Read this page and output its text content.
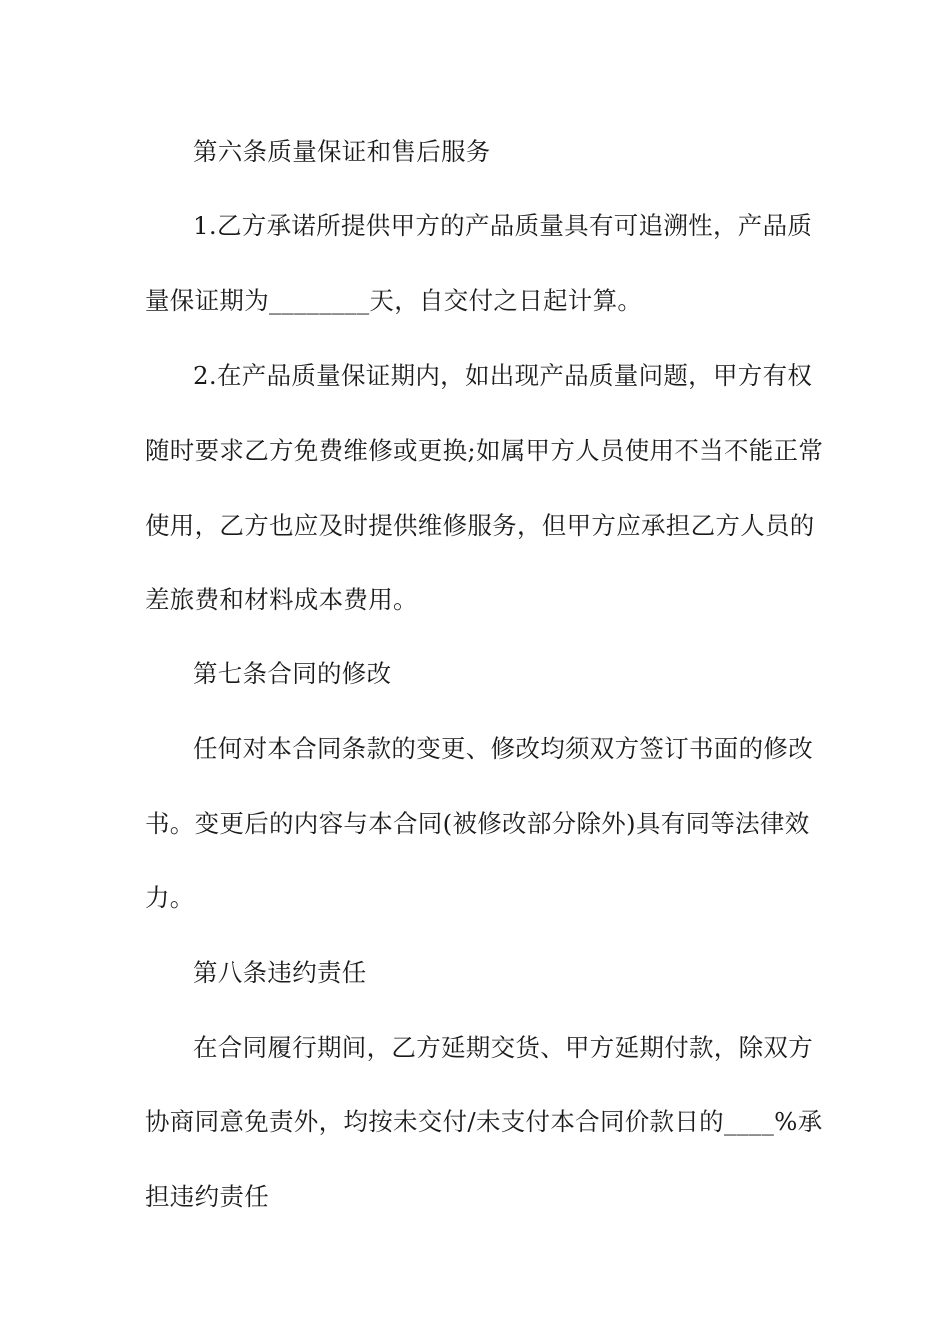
第六条质量保证和售后服务
1.乙方承诺所提供甲方的产品质量具有可追溯性，产品质
量保证期为________天，自交付之日起计算。
2.在产品质量保证期内，如出现产品质量问题，甲方有权
随时要求乙方免费维修或更换;如属甲方人员使用不当不能正常
使用，乙方也应及时提供维修服务，但甲方应承担乙方人员的
差旅费和材料成本费用。
第七条合同的修改
任何对本合同条款的变更、修改均须双方签订书面的修改
书。变更后的内容与本合同(被修改部分除外)具有同等法律效
力。
第八条违约责任
在合同履行期间，乙方延期交货、甲方延期付款，除双方
协商同意免责外，均按未交付/未支付本合同价款日的____%承
担违约责任
